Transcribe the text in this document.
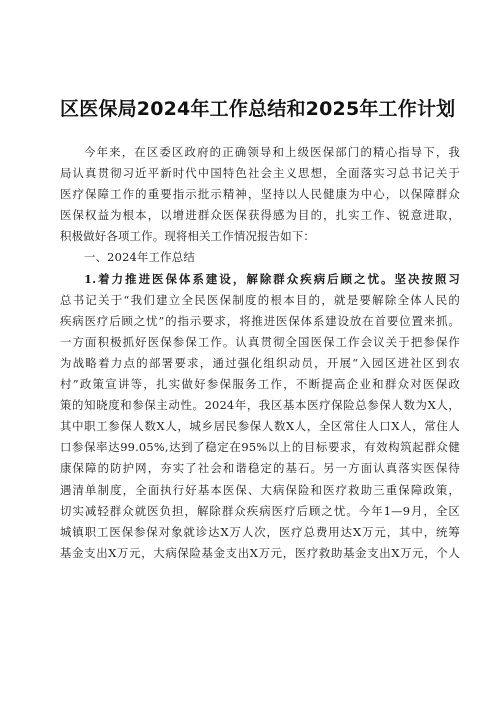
区医保局2024年工作总结和2025年工作计划
今年来，在区委区政府的正确领导和上级医保部门的精心指导下，我
局认真贯彻习近平新时代中国特色社会主义思想，全面落实习总书记关于
医疗保障工作的重要指示批示精神，坚持以人民健康为中心，以保障群众
医保权益为根本，以增进群众医保获得感为目的，扎实工作、锐意进取，
积极做好各项工作。现将相关工作情况报告如下：
一、2024年工作总结
1.着力推进医保体系建设，解除群众疾病后顾之忧。坚决按照习
总书记关于“我们建立全民医保制度的根本目的，就是要解除全体人民的
疾病医疗后顾之忧”的指示要求，将推进医保体系建设放在首要位置来抓。
一方面积极抓好医保参保工作。认真贯彻全国医保工作会议关于把参保作
为战略着力点的部署要求，通过强化组织动员，开展“入园区进社区到农
村”政策宣讲等，扎实做好参保服务工作，不断提高企业和群众对医保政
策的知晓度和参保主动性。2024年，我区基本医疗保险总参保人数为X人，
其中职工参保人数X人，城乡居民参保人数X人，全区常住人口X人，常住人
口参保率达99.05%,达到了稳定在95%以上的目标要求，有效构筑起群众健
康保障的防护网，夯实了社会和谐稳定的基石。另一方面认真落实医保待
遇清单制度，全面执行好基本医保、大病保险和医疗救助三重保障政策，
切实减轻群众就医负担，解除群众疾病医疗后顾之忧。今年1—9月，全区
城镇职工医保参保对象就诊达X万人次，医疗总费用达X万元，其中，统筹
基金支出X万元，大病保险基金支出X万元，医疗救助基金支出X万元，个人
